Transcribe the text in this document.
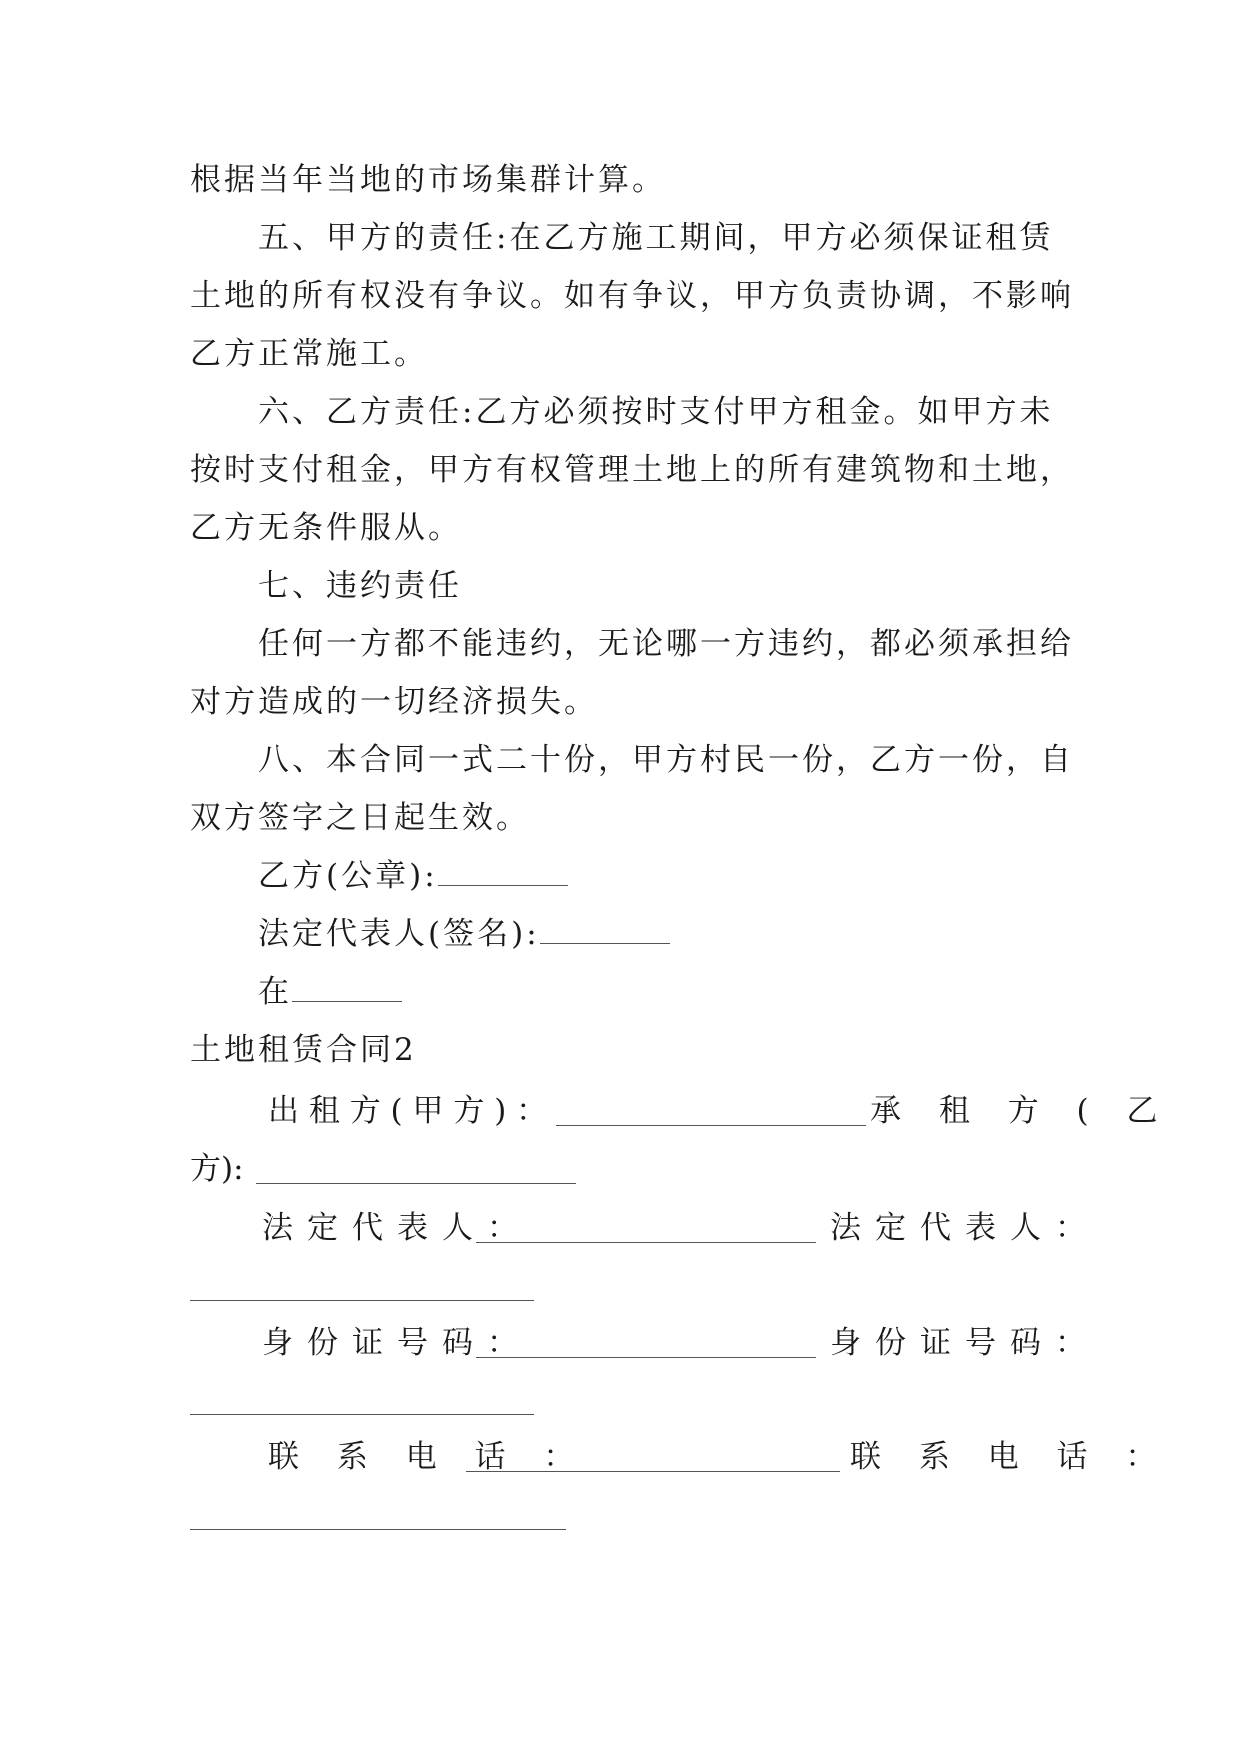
根据当年当地的市场集群计算。
五、甲方的责任:在乙方施工期间，甲方必须保证租赁
土地的所有权没有争议。如有争议，甲方负责协调，不影响
乙方正常施工。
六、乙方责任:乙方必须按时支付甲方租金。如甲方未
按时支付租金，甲方有权管理土地上的所有建筑物和土地，
乙方无条件服从。
七、违约责任
任何一方都不能违约，无论哪一方违约，都必须承担给
对方造成的一切经济损失。
八、本合同一式二十份，甲方村民一份，乙方一份，自
双方签字之日起生效。
乙方(公章):
法定代表人(签名):
在
土地租赁合同2
出 租 方 ( 甲 方 ) ：	承 租 方 ( 乙
方):
法定代表人：	法定代表人：
身份证号码：	身份证号码：
联 系 电 话 ：	联 系 电 话 ：
